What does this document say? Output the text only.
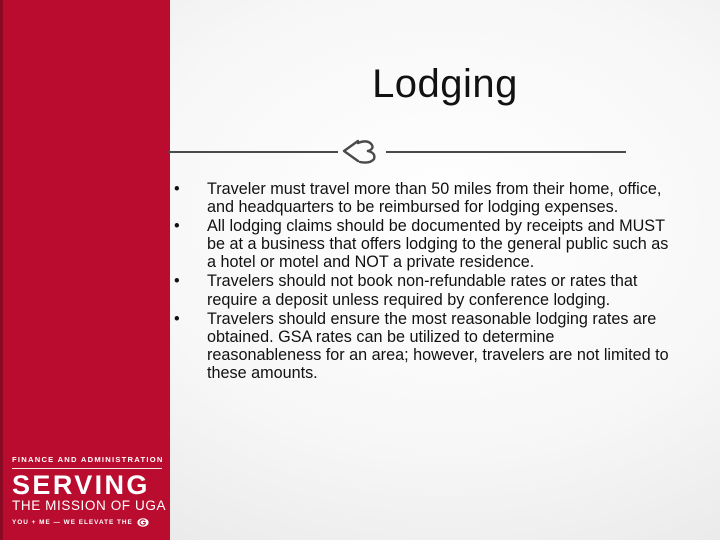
Lodging
• Traveler must travel more than 50 miles from their home, office, and headquarters to be reimbursed for lodging expenses.
• All lodging claims should be documented by receipts and MUST be at a business that offers lodging to the general public such as a hotel or motel and NOT a private residence.
• Travelers should not book non-refundable rates or rates that require a deposit unless required by conference lodging.
• Travelers should ensure the most reasonable lodging rates are obtained. GSA rates can be utilized to determine reasonableness for an area; however, travelers are not limited to these amounts.
FINANCE AND ADMINISTRATION
SERVING
THE MISSION OF UGA
YOU + ME — WE ELEVATE THE
